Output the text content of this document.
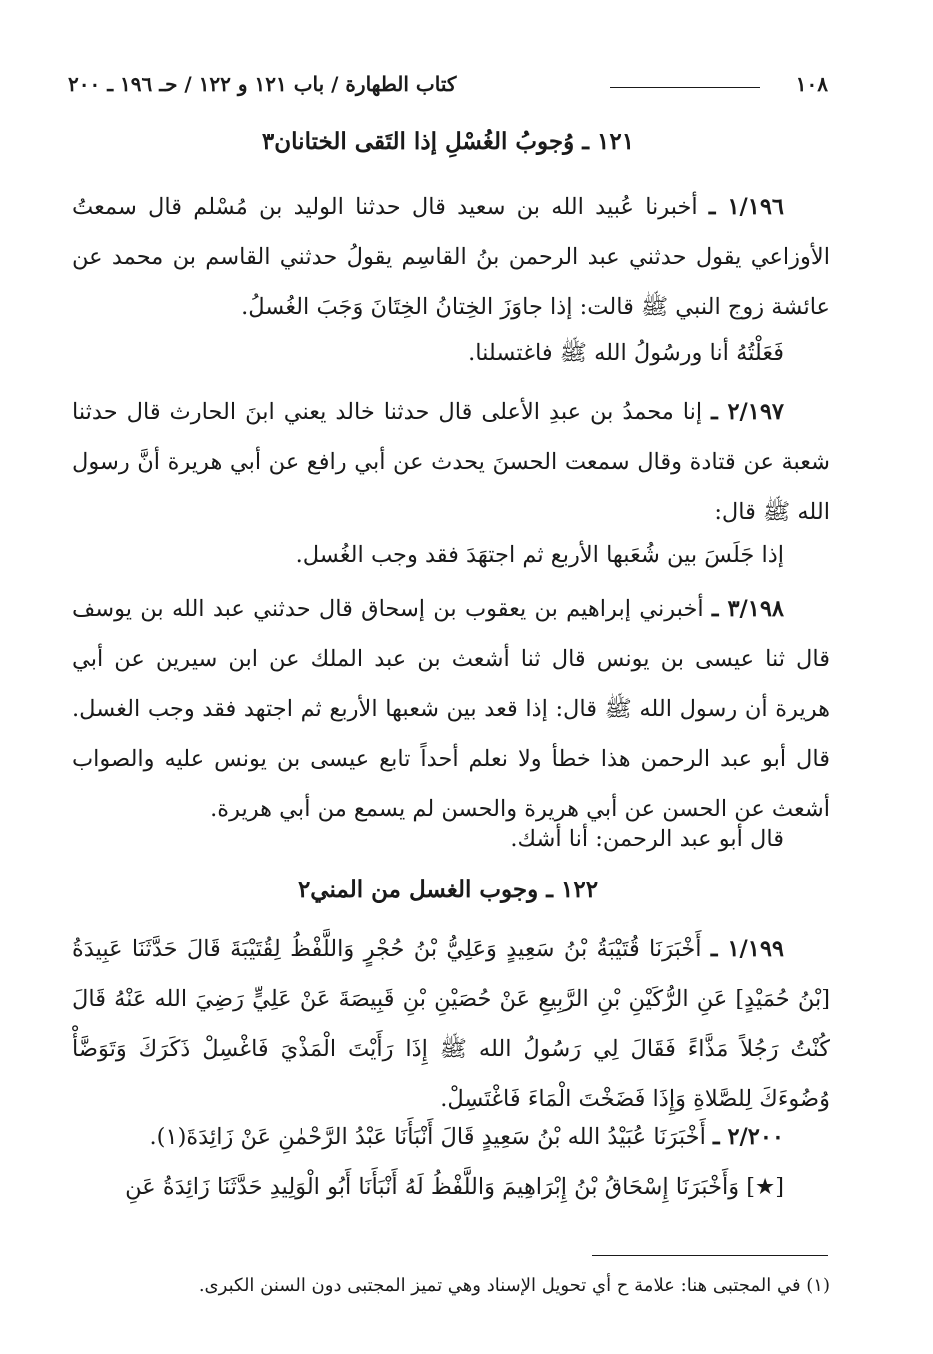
١٠٨
كتاب الطهارة / باب ١٢١ و ١٢٢ / حـ ١٩٦ ـ ٢٠٠
١٢١ ـ وُجوبُ الغُسْلِ إذا التَقى الختانان٣
١/١٩٦ ـ أخبرنا عُبيد الله بن سعيد قال حدثنا الوليد بن مُسْلم قال سمعتُ الأوزاعي يقول حدثني عبد الرحمن بنُ القاسِم يقولُ حدثني القاسم بن محمد عن عائشة زوج النبي ﷺ قالت: إذا جاوَزَ الخِتانُ الخِتَانَ وَجَبَ الغُسلُ.
فَعَلْتُهُ أنا ورسُولُ الله ﷺ فاغتسلنا.
٢/١٩٧ ـ إنا محمدُ بن عبدِ الأعلى قال حدثنا خالد يعني ابنَ الحارث قال حدثنا شعبة عن قتادة وقال سمعت الحسنَ يحدث عن أبي رافع عن أبي هريرة أنَّ رسول الله ﷺ قال:
إذا جَلَسَ بين شُعَبها الأربع ثم اجتهَدَ فقد وجب الغُسل.
٣/١٩٨ ـ أخبرني إبراهيم بن يعقوب بن إسحاق قال حدثني عبد الله بن يوسف قال ثنا عيسى بن يونس قال ثنا أشعث بن عبد الملك عن ابن سيرين عن أبي هريرة أن رسول الله ﷺ قال: إذا قعد بين شعبها الأربع ثم اجتهد فقد وجب الغسل. قال أبو عبد الرحمن هذا خطأ ولا نعلم أحداً تابع عيسى بن يونس عليه والصواب أشعث عن الحسن عن أبي هريرة والحسن لم يسمع من أبي هريرة.
قال أبو عبد الرحمن: أنا أشك.
١٢٢ ـ وجوب الغسل من المني٢
١/١٩٩ ـ أَخْبَرَنَا قُتَيْبَةُ بْنُ سَعِيدٍ وَعَلِيُّ بْنُ حُجْرٍ وَاللَّفْظُ لِقُتَيْبَةَ قَالَ حَدَّثَنَا عَبِيدَةُ [بْنُ حُمَيْدٍ] عَنِ الرُّكَيْنِ بْنِ الرَّبِيعِ عَنْ حُصَيْنِ بْنِ قَبِيصَةَ عَنْ عَلِيٍّ رَضِيَ الله عَنْهُ قَالَ كُنْتُ رَجُلاً مَذَّاءً فَقَالَ لِي رَسُولُ الله ﷺ إِذَا رَأَيْتَ الْمَذْيَ فَاغْسِلْ ذَكَرَكَ وَتَوَضَّأْ وُضُوءَكَ لِلصَّلاةِ وَإِذَا فَضَخْتَ الْمَاءَ فَاغْتَسِلْ.
٢/٢٠٠ ـ أَخْبَرَنَا عُبَيْدُ الله بْنُ سَعِيدٍ قَالَ أَنْبَأَنَا عَبْدُ الرَّحْمٰنِ عَنْ زَائِدَةَ(١).
[★] وَأَخْبَرَنَا إِسْحَاقُ بْنُ إِبْرَاهِيمَ وَاللَّفْظُ لَهُ أَنْبَأَنَا أَبُو الْوَلِيدِ حَدَّثَنَا زَائِدَةُ عَنِ
(١) في المجتبى هنا: علامة ح أي تحويل الإسناد وهي تميز المجتبى دون السنن الكبرى.
